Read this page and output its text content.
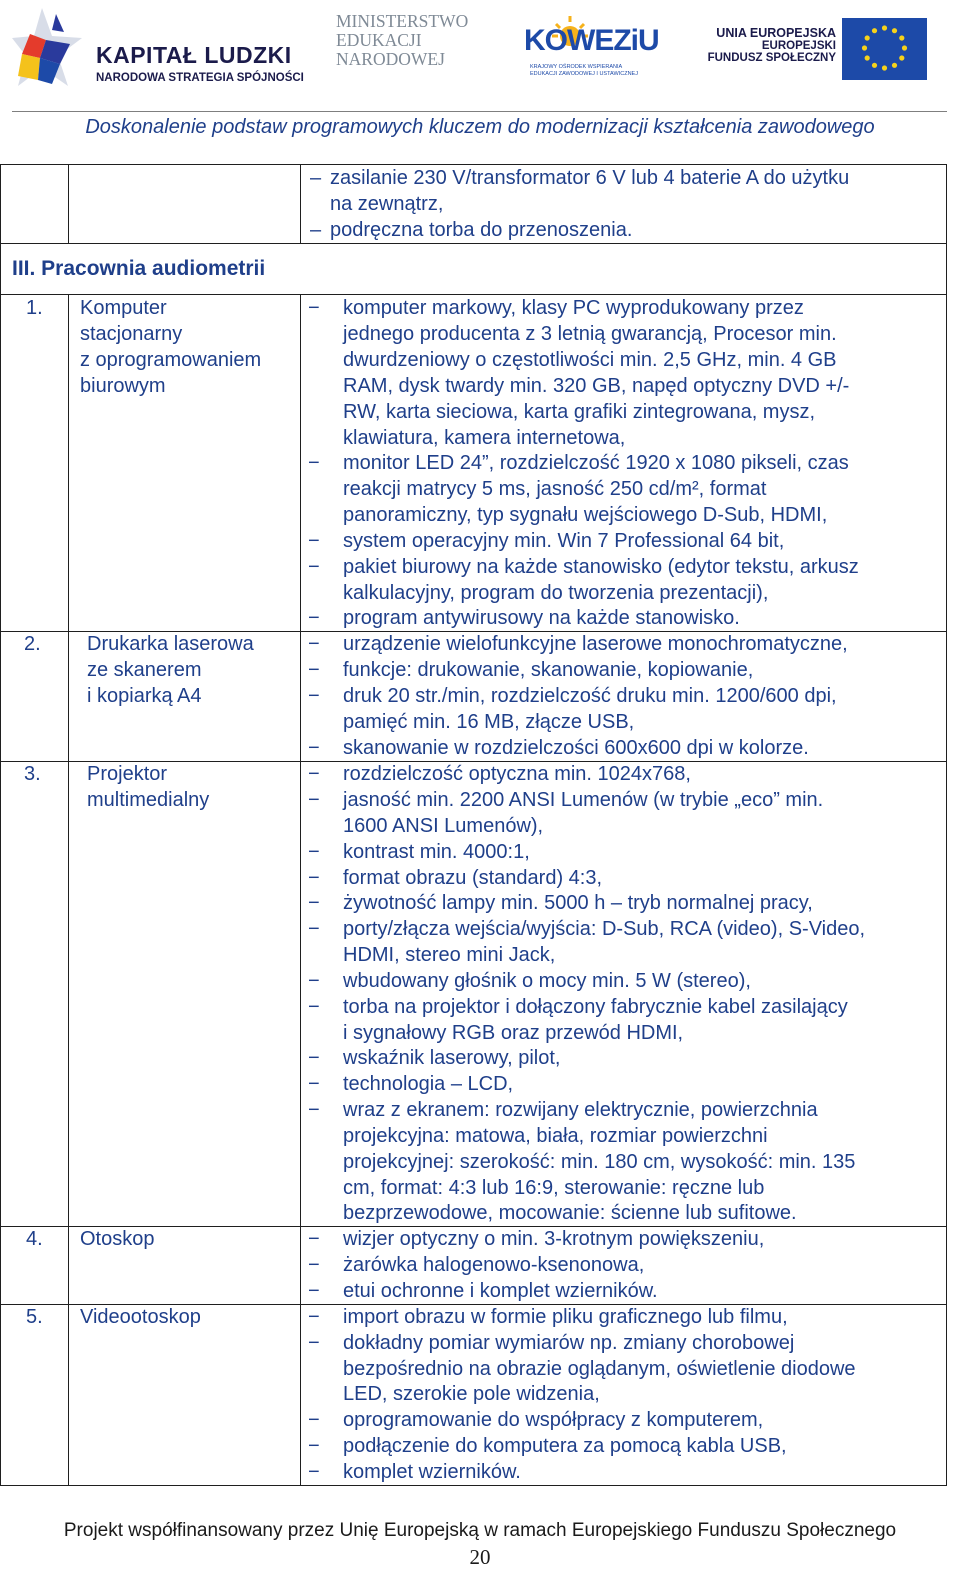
KAPITAŁ LUDZKI
NARODOWA STRATEGIA SPÓJNOŚCI
MINISTERSTWO
EDUKACJI
NARODOWEJ
KOWEZiU
KRAJOWY OŚRODEK WSPIERANIA EDUKACJI ZAWODOWEJ I USTAWICZNEJ
UNIA EUROPEJSKA
EUROPEJSKI
FUNDUSZ SPOŁECZNY
Doskonalenie podstaw programowych kluczem do modernizacji kształcenia zawodowego
– zasilanie 230 V/transformator 6 V lub 4 baterie A do użytku
na zewnątrz,
– podręczna torba do przenoszenia.
III. Pracownia audiometrii
1. Komputer
stacjonarny
z oprogramowaniem
biurowym
− komputer markowy, klasy PC wyprodukowany przez
jednego producenta z 3 letnią gwarancją, Procesor min.
dwurdzeniowy o częstotliwości min. 2,5 GHz, min. 4 GB
RAM, dysk twardy min. 320 GB, napęd optyczny DVD +/-
RW, karta sieciowa, karta grafiki zintegrowana, mysz,
klawiatura, kamera internetowa,
− monitor LED 24”, rozdzielczość 1920 x 1080 pikseli, czas
reakcji matrycy 5 ms, jasność 250 cd/m², format
panoramiczny, typ sygnału wejściowego D-Sub, HDMI,
− system operacyjny min. Win 7 Professional 64 bit,
− pakiet biurowy na każde stanowisko (edytor tekstu, arkusz
kalkulacyjny, program do tworzenia prezentacji),
− program antywirusowy na każde stanowisko.
2. Drukarka laserowa
ze skanerem
i kopiarką A4
− urządzenie wielofunkcyjne laserowe monochromatyczne,
− funkcje: drukowanie, skanowanie, kopiowanie,
− druk 20 str./min, rozdzielczość druku min. 1200/600 dpi,
pamięć min. 16 MB, złącze USB,
− skanowanie w rozdzielczości 600x600 dpi w kolorze.
3. Projektor
multimedialny
− rozdzielczość optyczna min. 1024x768,
− jasność min. 2200 ANSI Lumenów (w trybie „eco” min.
1600 ANSI Lumenów),
− kontrast min. 4000:1,
− format obrazu (standard) 4:3,
− żywotność lampy min. 5000 h – tryb normalnej pracy,
− porty/złącza wejścia/wyjścia: D-Sub, RCA (video), S-Video,
HDMI, stereo mini Jack,
− wbudowany głośnik o mocy min. 5 W (stereo),
− torba na projektor i dołączony fabrycznie kabel zasilający
i sygnałowy RGB oraz przewód HDMI,
− wskaźnik laserowy, pilot,
− technologia – LCD,
− wraz z ekranem: rozwijany elektrycznie, powierzchnia
projekcyjna: matowa, biała, rozmiar powierzchni
projekcyjnej: szerokość: min. 180 cm, wysokość: min. 135
cm, format: 4:3 lub 16:9, sterowanie: ręczne lub
bezprzewodowe, mocowanie: ścienne lub sufitowe.
4. Otoskop	− wizjer optyczny o min. 3-krotnym powiększeniu,
− żarówka halogenowo-ksenonowa,
− etui ochronne i komplet wzierników.
5. Videootoskop	− import obrazu w formie pliku graficznego lub filmu,
− dokładny pomiar wymiarów np. zmiany chorobowej
bezpośrednio na obrazie oglądanym, oświetlenie diodowe
LED, szerokie pole widzenia,
− oprogramowanie do współpracy z komputerem,
− podłączenie do komputera za pomocą kabla USB,
− komplet wzierników.
Projekt współfinansowany przez Unię Europejską w ramach Europejskiego Funduszu Społecznego
20
